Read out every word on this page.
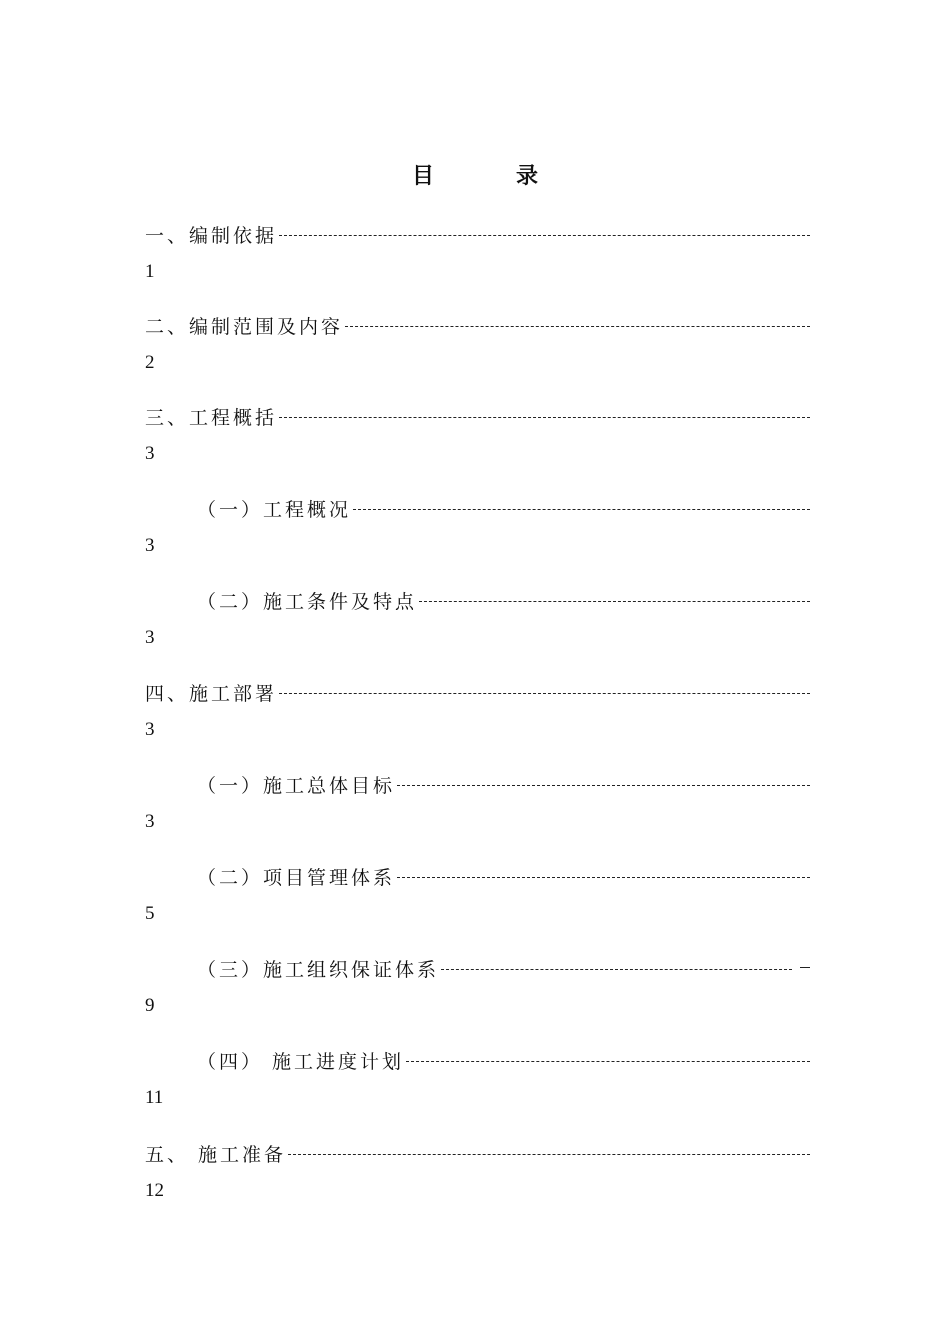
目　录
一、编制依据
1
二、编制范围及内容
2
三、工程概括
3
（一）工程概况
3
（二）施工条件及特点
3
四、施工部署
3
（一）施工总体目标
3
（二）项目管理体系
5
（三）施工组织保证体系
9
（四） 施工进度计划
11
五、 施工准备
12
